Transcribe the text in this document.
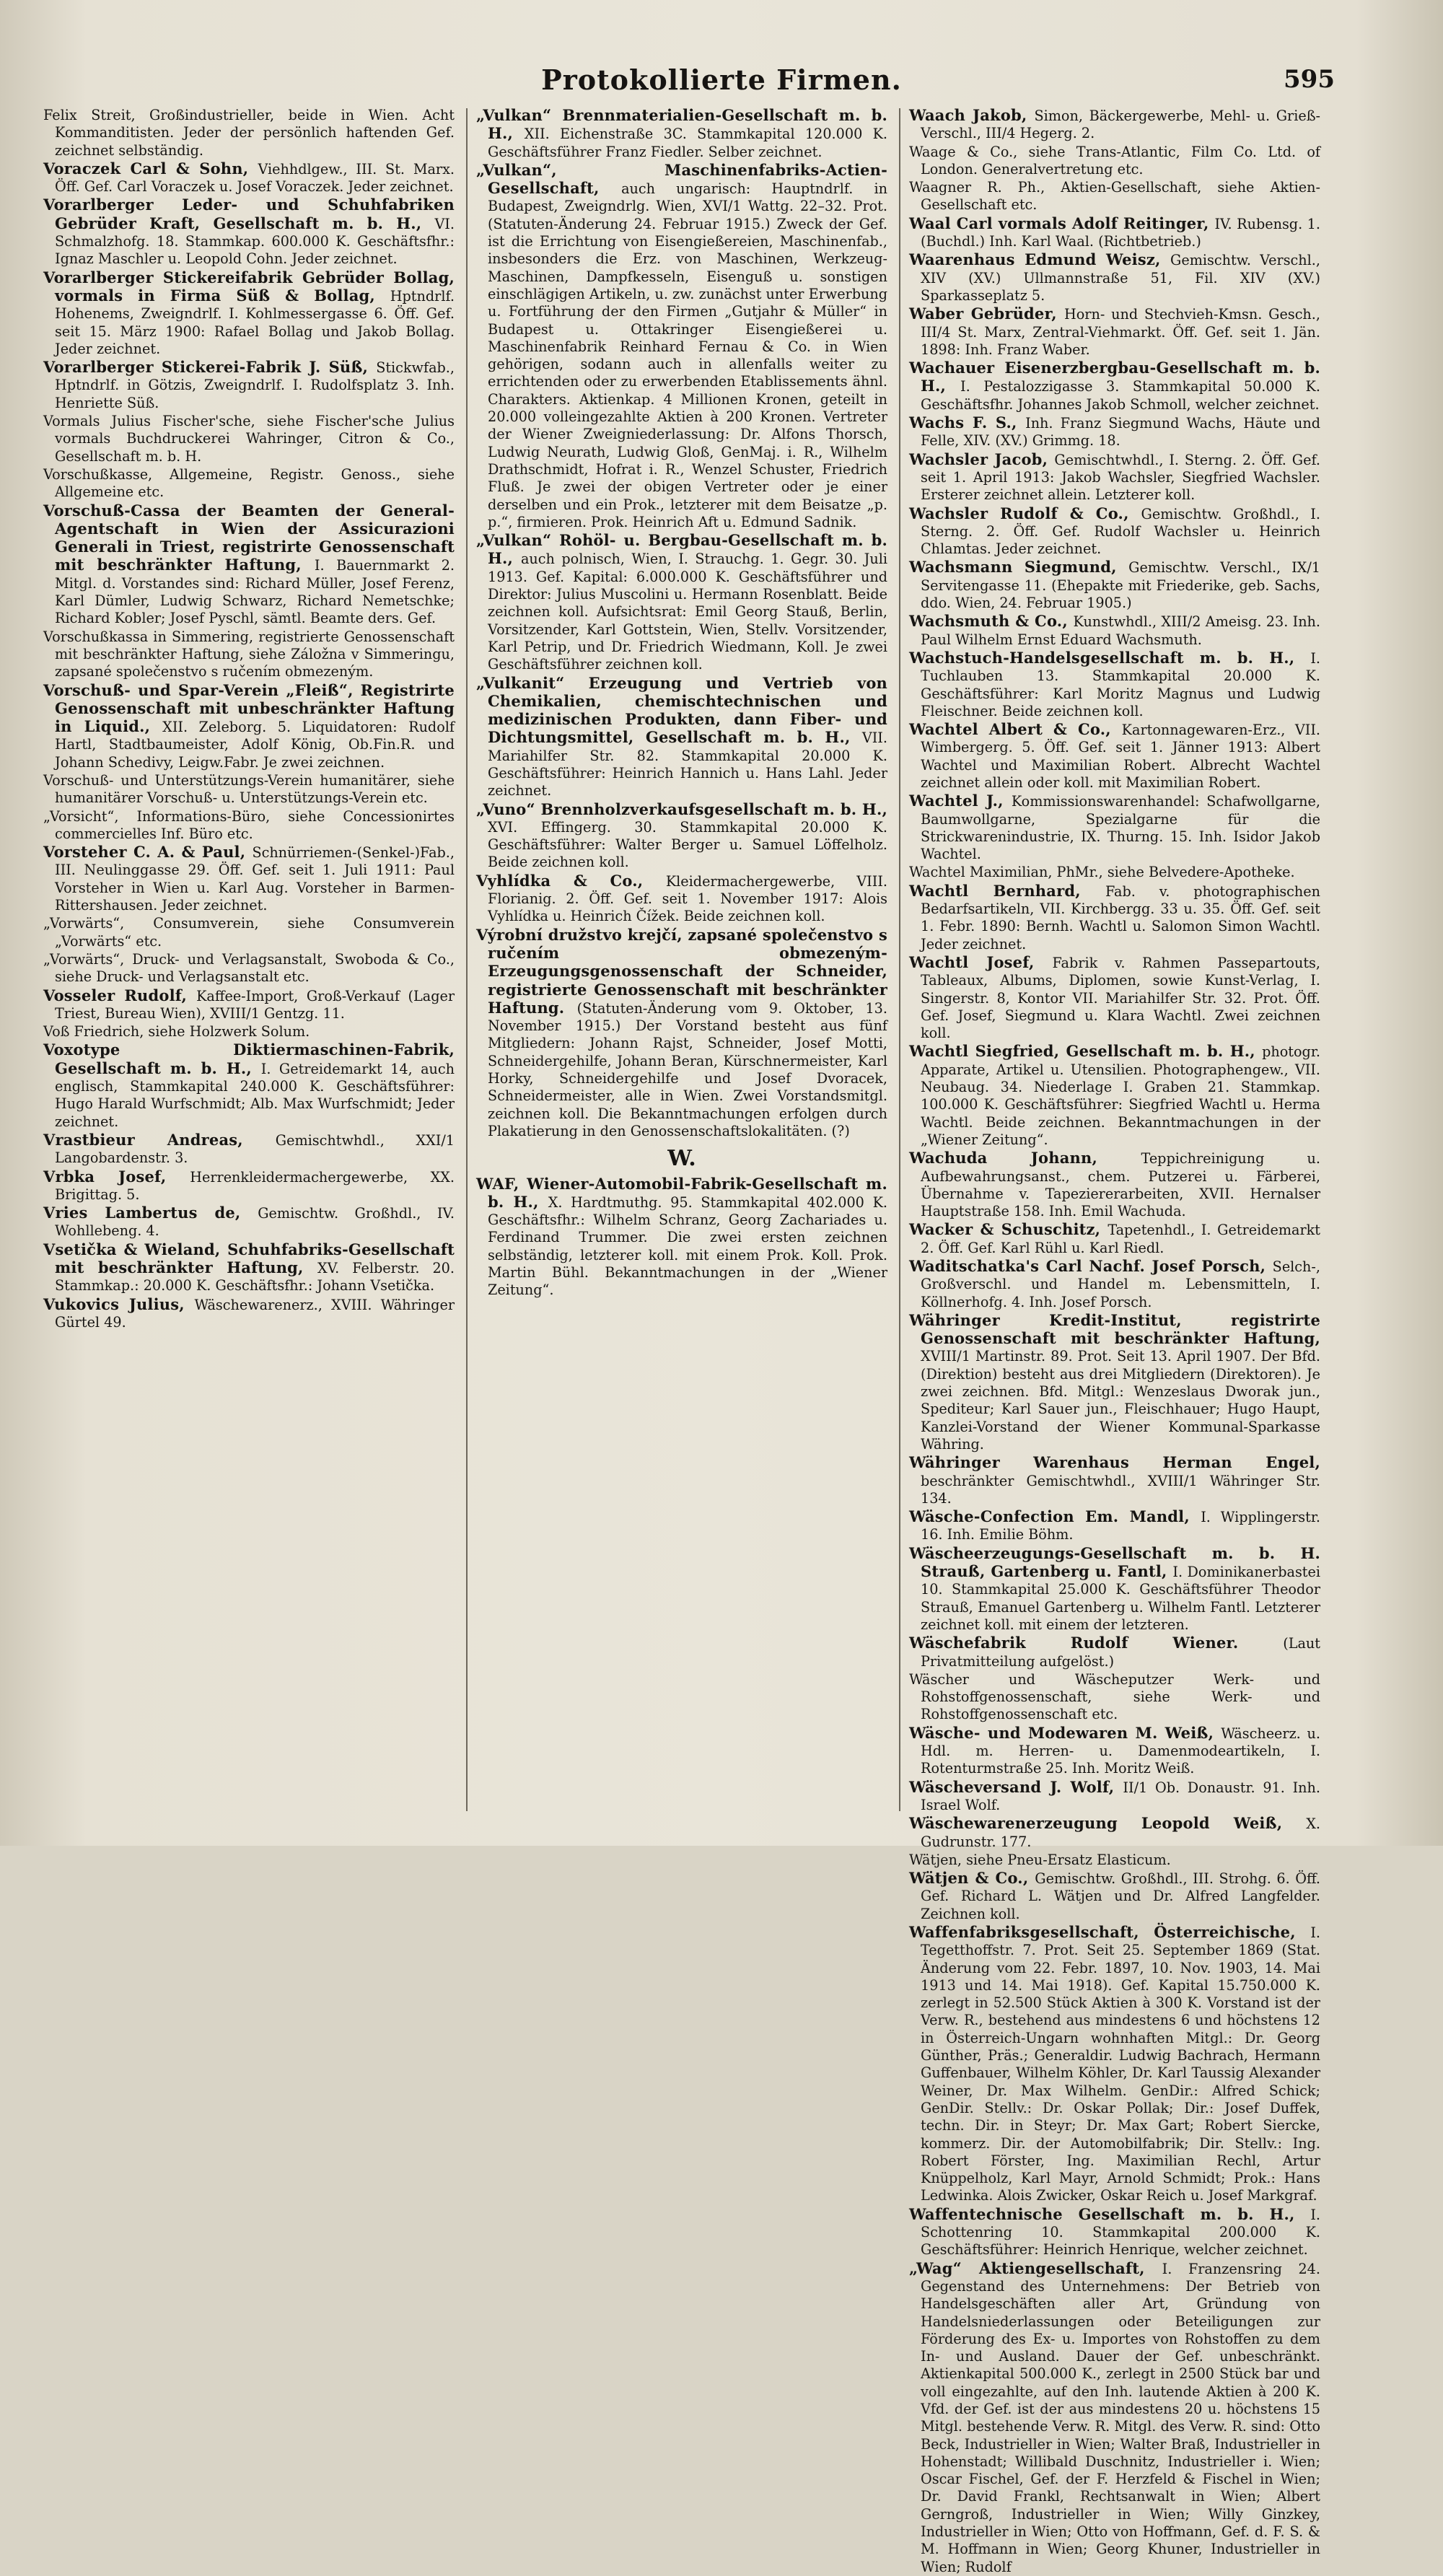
Protokollierte Firmen.	595

Felix Streit, Großindustrieller, beide in Wien. Acht Kommanditisten. Jeder der persönlich haftenden Gef. zeichnet selbständig.

Voraczek Carl & Sohn, Viehhdlgew., III. St. Marx. Öff. Gef. Carl Voraczek u. Josef Voraczek. Jeder zeichnet.

Vorarlberger Leder- und Schuhfabriken Gebrüder Kraft, Gesellschaft m. b. H., VI. Schmalzhofg. 18. Stammkap. 600.000 K. Geschäftsfhr.: Ignaz Maschler u. Leopold Cohn. Jeder zeichnet.

Vorarlberger Stickereifabrik Gebrüder Bollag, vormals in Firma Süß & Bollag, Hptndrlf. Hohenems, Zweigndrlf. I. Kohlmessergasse 6. Öff. Gef. seit 15. März 1900: Rafael Bollag und Jakob Bollag. Jeder zeichnet.

Vorarlberger Stickerei-Fabrik J. Süß, Stickwfab., Hptndrlf. in Götzis, Zweigndrlf. I. Rudolfsplatz 3. Inh. Henriette Süß.

Vormals Julius Fischer'sche, siehe Fischer'sche Julius vormals Buchdruckerei Wahringer, Citron & Co., Gesellschaft m. b. H.

Vorschußkasse, Allgemeine, Registr. Genoss., siehe Allgemeine etc.

Vorschuß-Cassa der Beamten der General-Agentschaft in Wien der Assicurazioni Generali in Triest, registrirte Genossenschaft mit beschränkter Haftung, I. Bauernmarkt 2. Mitgl. d. Vorstandes sind: Richard Müller, Josef Ferenz, Karl Dümler, Ludwig Schwarz, Richard Nemetschke; Richard Kobler; Josef Pyschl, sämtl. Beamte ders. Gef.

Vorschußkassa in Simmering, registrierte Genossenschaft mit beschränkter Haftung, siehe Záložna v Simmeringu, zapsané společenstvo s ručením obmezeným.

Vorschuß- und Spar-Verein „Fleiß“, Registrirte Genossenschaft mit unbeschränkter Haftung in Liquid., XII. Zeleborg. 5. Liquidatoren: Rudolf Hartl, Stadtbaumeister, Adolf König, Ob.Fin.R. und Johann Schedivy, Leigw.Fabr. Je zwei zeichnen.

Vorschuß- und Unterstützungs-Verein humanitärer, siehe humanitärer Vorschuß- u. Unterstützungs-Verein etc.

„Vorsicht“, Informations-Büro, siehe Concessionirtes commercielles Inf. Büro etc.

Vorsteher C. A. & Paul, Schnürriemen-(Senkel-)Fab., III. Neulinggasse 29. Öff. Gef. seit 1. Juli 1911: Paul Vorsteher in Wien u. Karl Aug. Vorsteher in Barmen-Rittershausen. Jeder zeichnet.

„Vorwärts“, Consumverein, siehe Consumverein „Vorwärts“ etc.

„Vorwärts“, Druck- und Verlagsanstalt, Swoboda & Co., siehe Druck- und Verlagsanstalt etc.

Vosseler Rudolf, Kaffee-Import, Groß-Verkauf (Lager Triest, Bureau Wien), XVIII/1 Gentzg. 11.

Voß Friedrich, siehe Holzwerk Solum.

Voxotype Diktiermaschinen-Fabrik, Gesellschaft m. b. H., I. Getreidemarkt 14, auch englisch, Stammkapital 240.000 K. Geschäftsführer: Hugo Harald Wurfschmidt; Alb. Max Wurfschmidt; Jeder zeichnet.

Vrastbieur Andreas, Gemischtwhdl., XXI/1 Langobardenstr. 3.

Vrbka Josef, Herrenkleidermachergewerbe, XX. Brigittag. 5.

Vries Lambertus de, Gemischtw. Großhdl., IV. Wohllebeng. 4.

Vsetička & Wieland, Schuhfabriks-Gesellschaft mit beschränkter Haftung, XV. Felberstr. 20. Stammkap.: 20.000 K. Geschäftsfhr.: Johann Vsetička.

Vukovics Julius, Wäschewarenerz., XVIII. Währinger Gürtel 49.

„Vulkan“ Brennmaterialien-Gesellschaft m. b. H., XII. Eichenstraße 3C. Stammkapital 120.000 K. Geschäftsführer Franz Fiedler. Selber zeichnet.

„Vulkan“, Maschinenfabriks-Actien-Gesellschaft, auch ungarisch: Hauptndrlf. in Budapest, Zweigndrlg. Wien, XVI/1 Wattg. 22–32. Prot. (Statuten-Änderung 24. Februar 1915.) Zweck der Gef. ist die Errichtung von Eisengießereien, Maschinenfab., insbesonders die Erz. von Maschinen, Werkzeug-Maschinen, Dampfkesseln, Eisenguß u. sonstigen einschlägigen Artikeln, u. zw. zunächst unter Erwerbung u. Fortführung der den Firmen „Gutjahr & Müller“ in Budapest u. Ottakringer Eisengießerei u. Maschinenfabrik Reinhard Fernau & Co. in Wien gehörigen, sodann auch in allenfalls weiter zu errichtenden oder zu erwerbenden Etablissements ähnl. Charakters. Aktienkap. 4 Millionen Kronen, geteilt in 20.000 volleingezahlte Aktien à 200 Kronen. Vertreter der Wiener Zweigniederlassung: Dr. Alfons Thorsch, Ludwig Neurath, Ludwig Gloß, GenMaj. i. R., Wilhelm Drathschmidt, Hofrat i. R., Wenzel Schuster, Friedrich Fluß. Je zwei der obigen Vertreter oder je einer derselben und ein Prok., letzterer mit dem Beisatze „p. p.“, firmieren. Prok. Heinrich Aft u. Edmund Sadnik.

„Vulkan“ Rohöl- u. Bergbau-Gesellschaft m. b. H., auch polnisch, Wien, I. Strauchg. 1. Gegr. 30. Juli 1913. Gef. Kapital: 6.000.000 K. Geschäftsführer und Direktor: Julius Muscolini u. Hermann Rosenblatt. Beide zeichnen koll. Aufsichtsrat: Emil Georg Stauß, Berlin, Vorsitzender, Karl Gottstein, Wien, Stellv. Vorsitzender, Karl Petrip, und Dr. Friedrich Wiedmann, Koll. Je zwei Geschäftsführer zeichnen koll.

„Vulkanit“ Erzeugung und Vertrieb von Chemikalien, chemischtechnischen und medizinischen Produkten, dann Fiber- und Dichtungsmittel, Gesellschaft m. b. H., VII. Mariahilfer Str. 82. Stammkapital 20.000 K. Geschäftsführer: Heinrich Hannich u. Hans Lahl. Jeder zeichnet.

„Vuno“ Brennholzverkaufsgesellschaft m. b. H., XVI. Effingerg. 30. Stammkapital 20.000 K. Geschäftsführer: Walter Berger u. Samuel Löffelholz. Beide zeichnen koll.

Vyhlídka & Co., Kleidermachergewerbe, VIII. Florianig. 2. Öff. Gef. seit 1. November 1917: Alois Vyhlídka u. Heinrich Čížek. Beide zeichnen koll.

Výrobní družstvo krejčí, zapsané společenstvo s ručením obmezeným-Erzeugungsgenossenschaft der Schneider, registrierte Genossenschaft mit beschränkter Haftung. (Statuten-Änderung vom 9. Oktober, 13. November 1915.) Der Vorstand besteht aus fünf Mitgliedern: Johann Rajst, Schneider, Josef Motti, Schneidergehilfe, Johann Beran, Kürschnermeister, Karl Horky, Schneidergehilfe und Josef Dvoracek, Schneidermeister, alle in Wien. Zwei Vorstandsmitgl. zeichnen koll. Die Bekanntmachungen erfolgen durch Plakatierung in den Genossenschaftslokalitäten. (?)

W.

WAF, Wiener-Automobil-Fabrik-Gesellschaft m. b. H., X. Hardtmuthg. 95. Stammkapital 402.000 K. Geschäftsfhr.: Wilhelm Schranz, Georg Zachariades u. Ferdinand Trummer. Die zwei ersten zeichnen selbständig, letzterer koll. mit einem Prok. Koll. Prok. Martin Bühl. Bekanntmachungen in der „Wiener Zeitung“.

Waach Jakob, Simon, Bäckergewerbe, Mehl- u. Grieß-Verschl., III/4 Hegerg. 2.

Waage & Co., siehe Trans-Atlantic, Film Co. Ltd. of London. Generalvertretung etc.

Waagner R. Ph., Aktien-Gesellschaft, siehe Aktien-Gesellschaft etc.

Waal Carl vormals Adolf Reitinger, IV. Rubensg. 1. (Buchdl.) Inh. Karl Waal. (Richtbetrieb.)

Waarenhaus Edmund Weisz, Gemischtw. Verschl., XIV (XV.) Ullmannstraße 51, Fil. XIV (XV.) Sparkasseplatz 5.

Waber Gebrüder, Horn- und Stechvieh-Kmsn. Gesch., III/4 St. Marx, Zentral-Viehmarkt. Öff. Gef. seit 1. Jän. 1898: Inh. Franz Waber.

Wachauer Eisenerzbergbau-Gesellschaft m. b. H., I. Pestalozzigasse 3. Stammkapital 50.000 K. Geschäftsfhr. Johannes Jakob Schmoll, welcher zeichnet.

Wachs F. S., Inh. Franz Siegmund Wachs, Häute und Felle, XIV. (XV.) Grimmg. 18.

Wachsler Jacob, Gemischtwhdl., I. Sterng. 2. Öff. Gef. seit 1. April 1913: Jakob Wachsler, Siegfried Wachsler. Ersterer zeichnet allein. Letzterer koll.

Wachsler Rudolf & Co., Gemischtw. Großhdl., I. Sterng. 2. Öff. Gef. Rudolf Wachsler u. Heinrich Chlamtas. Jeder zeichnet.

Wachsmann Siegmund, Gemischtw. Verschl., IX/1 Servitengasse 11. (Ehepakte mit Friederike, geb. Sachs, ddo. Wien, 24. Februar 1905.)

Wachsmuth & Co., Kunstwhdl., XIII/2 Ameisg. 23. Inh. Paul Wilhelm Ernst Eduard Wachsmuth.

Wachstuch-Handelsgesellschaft m. b. H., I. Tuchlauben 13. Stammkapital 20.000 K. Geschäftsführer: Karl Moritz Magnus und Ludwig Fleischner. Beide zeichnen koll.

Wachtel Albert & Co., Kartonnagewaren-Erz., VII. Wimbergerg. 5. Öff. Gef. seit 1. Jänner 1913: Albert Wachtel und Maximilian Robert. Albrecht Wachtel zeichnet allein oder koll. mit Maximilian Robert.

Wachtel J., Kommissionswarenhandel: Schafwollgarne, Baumwollgarne, Spezialgarne für die Strickwarenindustrie, IX. Thurng. 15. Inh. Isidor Jakob Wachtel.

Wachtel Maximilian, PhMr., siehe Belvedere-Apotheke.

Wachtl Bernhard, Fab. v. photographischen Bedarfsartikeln, VII. Kirchbergg. 33 u. 35. Öff. Gef. seit 1. Febr. 1890: Bernh. Wachtl u. Salomon Simon Wachtl. Jeder zeichnet.

Wachtl Josef, Fabrik v. Rahmen Passepartouts, Tableaux, Albums, Diplomen, sowie Kunst-Verlag, I. Singerstr. 8, Kontor VII. Mariahilfer Str. 32. Prot. Öff. Gef. Josef, Siegmund u. Klara Wachtl. Zwei zeichnen koll.

Wachtl Siegfried, Gesellschaft m. b. H., photogr. Apparate, Artikel u. Utensilien. Photographengew., VII. Neubaug. 34. Niederlage I. Graben 21. Stammkap. 100.000 K. Geschäftsführer: Siegfried Wachtl u. Herma Wachtl. Beide zeichnen. Bekanntmachungen in der „Wiener Zeitung“.

Wachuda Johann, Teppichreinigung u. Aufbewahrungsanst., chem. Putzerei u. Färberei, Übernahme v. Tapeziererarbeiten, XVII. Hernalser Hauptstraße 158. Inh. Emil Wachuda.

Wacker & Schuschitz, Tapetenhdl., I. Getreidemarkt 2. Öff. Gef. Karl Rühl u. Karl Riedl.

Waditschatka's Carl Nachf. Josef Porsch, Selch-, Großverschl. und Handel m. Lebensmitteln, I. Köllnerhofg. 4. Inh. Josef Porsch.

Währinger Kredit-Institut, registrirte Genossenschaft mit beschränkter Haftung, XVIII/1 Martinstr. 89. Prot. Seit 13. April 1907. Der Bfd. (Direktion) besteht aus drei Mitgliedern (Direktoren). Je zwei zeichnen. Bfd. Mitgl.: Wenzeslaus Dworak jun., Spediteur; Karl Sauer jun., Fleischhauer; Hugo Haupt, Kanzlei-Vorstand der Wiener Kommunal-Sparkasse Währing.

Währinger Warenhaus Herman Engel, beschränkter Gemischtwhdl., XVIII/1 Währinger Str. 134.

Wäsche-Confection Em. Mandl, I. Wipplingerstr. 16. Inh. Emilie Böhm.

Wäscheerzeugungs-Gesellschaft m. b. H. Strauß, Gartenberg u. Fantl, I. Dominikanerbastei 10. Stammkapital 25.000 K. Geschäftsführer Theodor Strauß, Emanuel Gartenberg u. Wilhelm Fantl. Letzterer zeichnet koll. mit einem der letzteren.

Wäschefabrik Rudolf Wiener. (Laut Privatmitteilung aufgelöst.)

Wäscher und Wäscheputzer Werk- und Rohstoffgenossenschaft, siehe Werk- und Rohstoffgenossenschaft etc.

Wäsche- und Modewaren M. Weiß, Wäscheerz. u. Hdl. m. Herren- u. Damenmodeartikeln, I. Rotenturmstraße 25. Inh. Moritz Weiß.

Wäscheversand J. Wolf, II/1 Ob. Donaustr. 91. Inh. Israel Wolf.

Wäschewarenerzeugung Leopold Weiß, X. Gudrunstr. 177.

Wätjen, siehe Pneu-Ersatz Elasticum.

Wätjen & Co., Gemischtw. Großhdl., III. Strohg. 6. Öff. Gef. Richard L. Wätjen und Dr. Alfred Langfelder. Zeichnen koll.

Waffenfabriksgesellschaft, Österreichische, I. Tegetthoffstr. 7. Prot. Seit 25. September 1869 (Stat. Änderung vom 22. Febr. 1897, 10. Nov. 1903, 14. Mai 1913 und 14. Mai 1918). Gef. Kapital 15.750.000 K. zerlegt in 52.500 Stück Aktien à 300 K. Vorstand ist der Verw. R., bestehend aus mindestens 6 und höchstens 12 in Österreich-Ungarn wohnhaften Mitgl.: Dr. Georg Günther, Präs.; Generaldir. Ludwig Bachrach, Hermann Guffenbauer, Wilhelm Köhler, Dr. Karl Taussig Alexander Weiner, Dr. Max Wilhelm. GenDir.: Alfred Schick; GenDir. Stellv.: Dr. Oskar Pollak; Dir.: Josef Duffek, techn. Dir. in Steyr; Dr. Max Gart; Robert Siercke, kommerz. Dir. der Automobilfabrik; Dir. Stellv.: Ing. Robert Förster, Ing. Maximilian Rechl, Artur Knüppelholz, Karl Mayr, Arnold Schmidt; Prok.: Hans Ledwinka. Alois Zwicker, Oskar Reich u. Josef Markgraf.

Waffentechnische Gesellschaft m. b. H., I. Schottenring 10. Stammkapital 200.000 K. Geschäftsführer: Heinrich Henrique, welcher zeichnet.

„Wag“ Aktiengesellschaft, I. Franzensring 24. Gegenstand des Unternehmens: Der Betrieb von Handelsgeschäften aller Art, Gründung von Handelsniederlassungen oder Beteiligungen zur Förderung des Ex- u. Importes von Rohstoffen zu dem In- und Ausland. Dauer der Gef. unbeschränkt. Aktienkapital 500.000 K., zerlegt in 2500 Stück bar und voll eingezahlte, auf den Inh. lautende Aktien à 200 K. Vfd. der Gef. ist der aus mindestens 20 u. höchstens 15 Mitgl. bestehende Verw. R. Mitgl. des Verw. R. sind: Otto Beck, Industrieller in Wien; Walter Braß, Industrieller in Hohenstadt; Willibald Duschnitz, Industrieller i. Wien; Oscar Fischel, Gef. der F. Herzfeld & Fischel in Wien; Dr. David Frankl, Rechtsanwalt in Wien; Albert Gerngroß, Industrieller in Wien; Willy Ginzkey, Industrieller in Wien; Otto von Hoffmann, Gef. d. F. S. & M. Hoffmann in Wien; Georg Khuner, Industrieller in Wien; Rudolf
